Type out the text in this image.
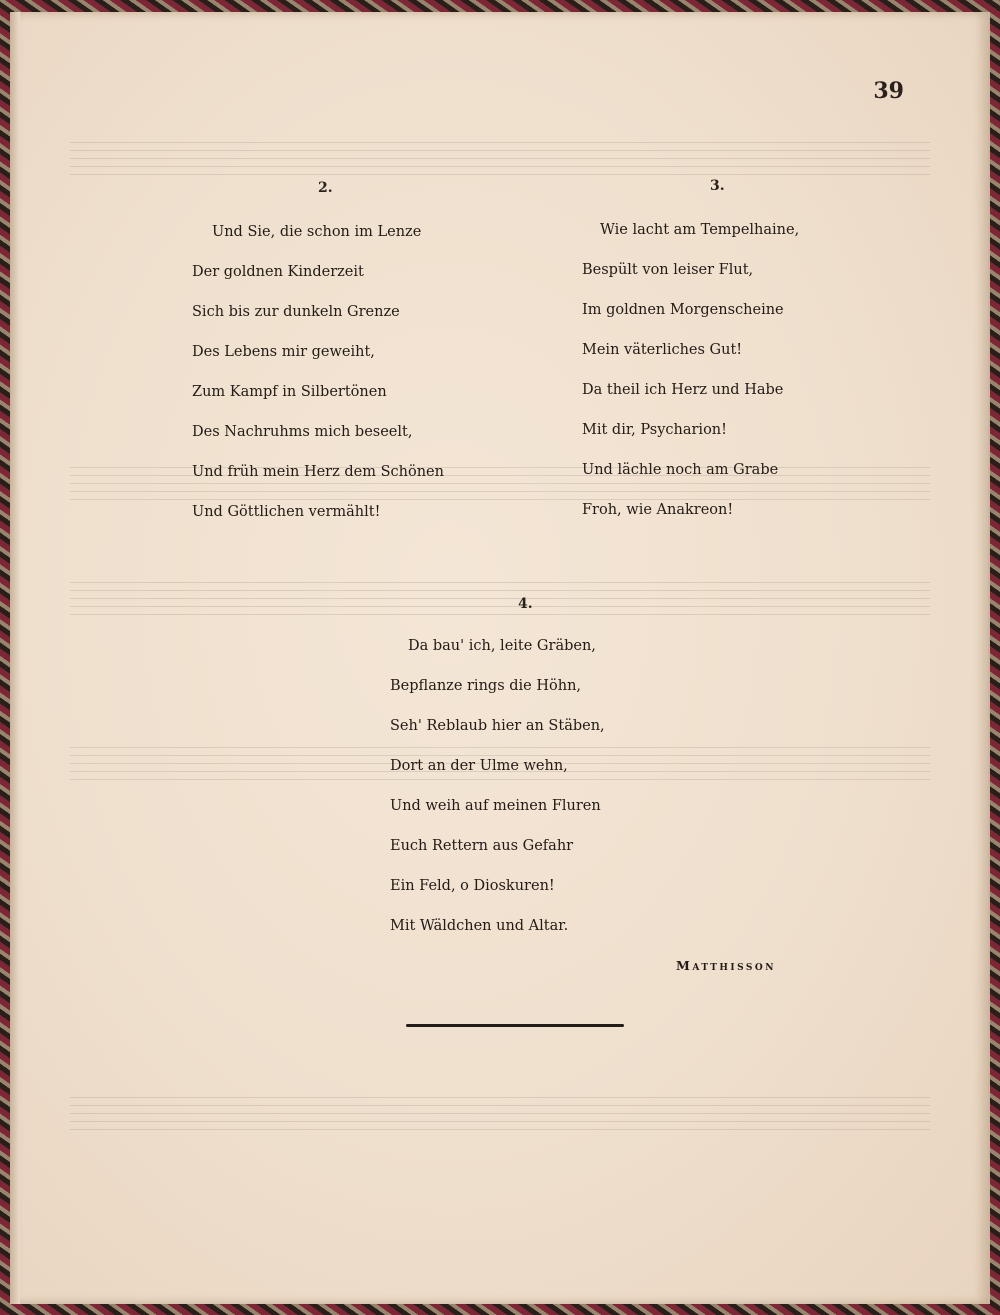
39
2.
Und Sie, die schon im Lenze
Der goldnen Kinderzeit
Sich bis zur dunkeln Grenze
Des Lebens mir geweiht,
Zum Kampf in Silbertönen
Des Nachruhms mich beseelt,
Und früh mein Herz dem Schönen
Und Göttlichen vermählt!
3.
Wie lacht am Tempelhaine,
Bespült von leiser Flut,
Im goldnen Morgenscheine
Mein väterliches Gut!
Da theil ich Herz und Habe
Mit dir, Psycharion!
Und lächle noch am Grabe
Froh, wie Anakreon!
4.
Da bau' ich, leite Gräben,
Bepflanze rings die Höhn,
Seh' Reblaub hier an Stäben,
Dort an der Ulme wehn,
Und weih auf meinen Fluren
Euch Rettern aus Gefahr
Ein Feld, o Dioskuren!
Mit Wäldchen und Altar.
Matthisson
